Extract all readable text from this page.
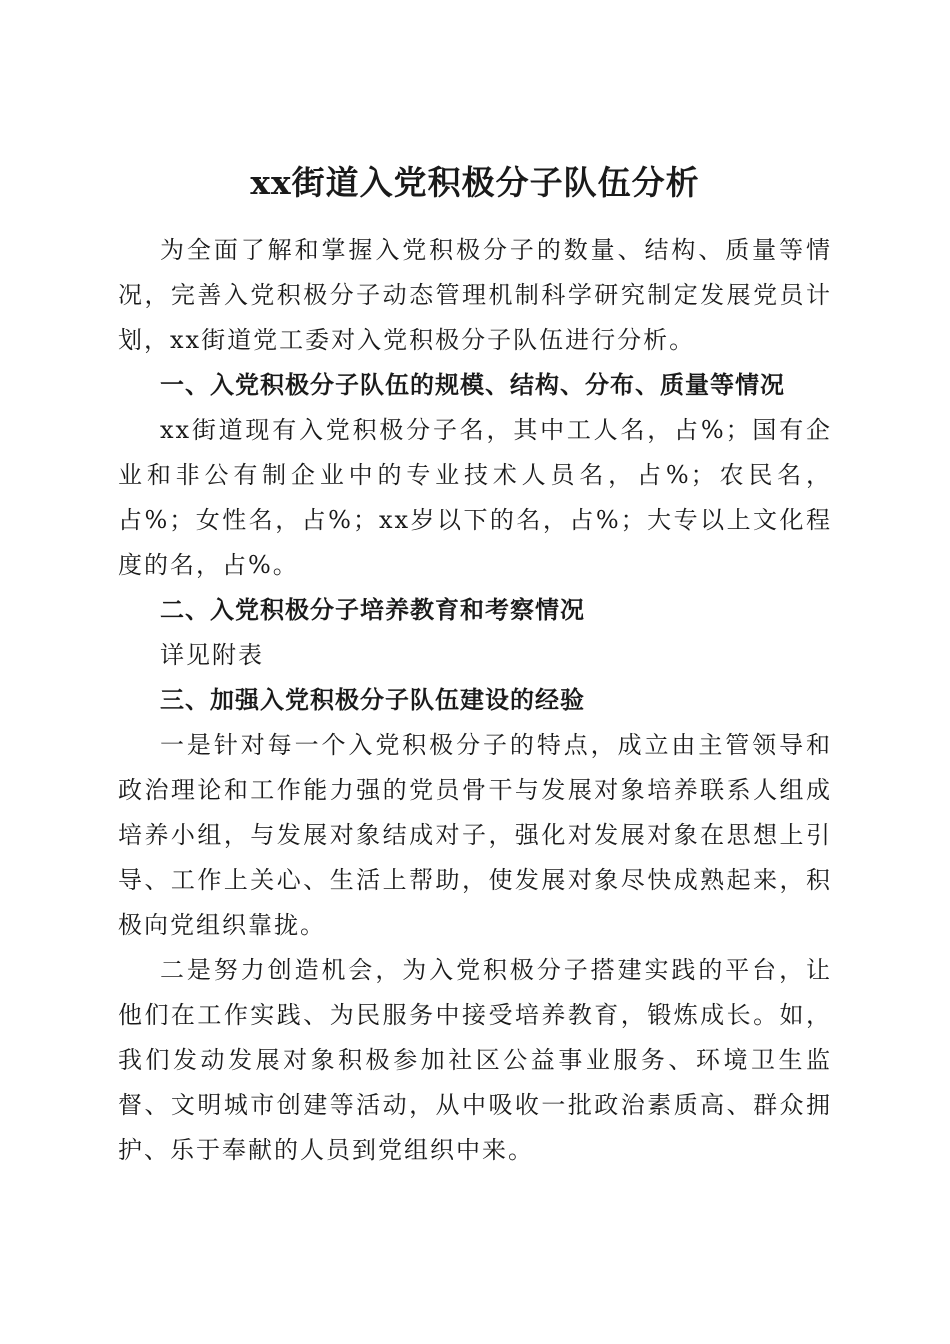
xx街道入党积极分子队伍分析

为全面了解和掌握入党积极分子的数量、结构、质量等情况，完善入党积极分子动态管理机制科学研究制定发展党员计划，xx街道党工委对入党积极分子队伍进行分析。

一、入党积极分子队伍的规模、结构、分布、质量等情况

xx街道现有入党积极分子名，其中工人名，占%；国有企业和非公有制企业中的专业技术人员名，占%；农民名，占%；女性名，占%；xx岁以下的名，占%；大专以上文化程度的名，占%。

二、入党积极分子培养教育和考察情况

详见附表

三、加强入党积极分子队伍建设的经验

一是针对每一个入党积极分子的特点，成立由主管领导和政治理论和工作能力强的党员骨干与发展对象培养联系人组成培养小组，与发展对象结成对子，强化对发展对象在思想上引导、工作上关心、生活上帮助，使发展对象尽快成熟起来，积极向党组织靠拢。

二是努力创造机会，为入党积极分子搭建实践的平台，让他们在工作实践、为民服务中接受培养教育，锻炼成长。如，我们发动发展对象积极参加社区公益事业服务、环境卫生监督、文明城市创建等活动，从中吸收一批政治素质高、群众拥护、乐于奉献的人员到党组织中来。
